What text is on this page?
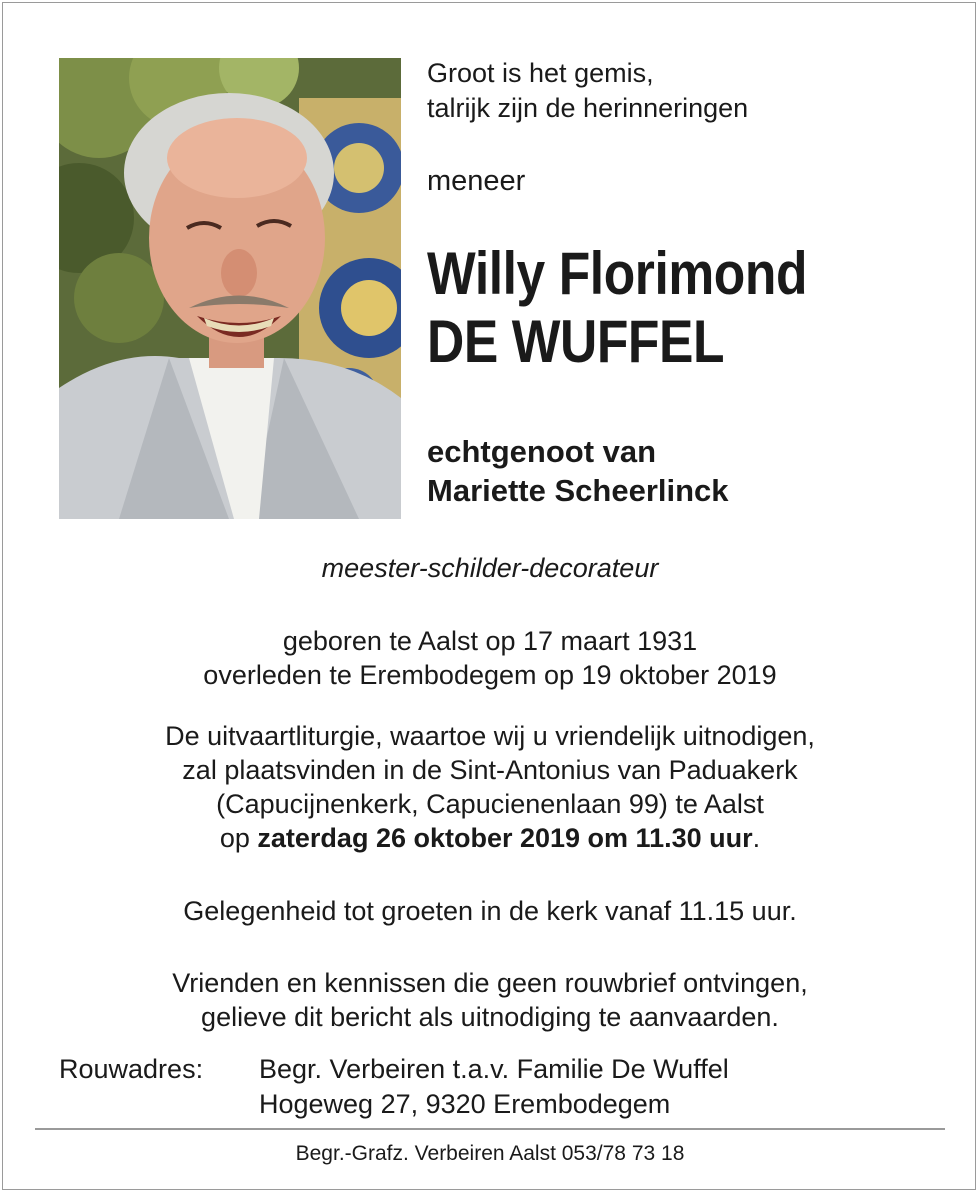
Groot is het gemis,
talrijk zijn de herinneringen
meneer
Willy Florimond
DE WUFFEL
echtgenoot van
Mariette Scheerlinck
meester-schilder-decorateur
geboren te Aalst op 17 maart 1931
overleden te Erembodegem op 19 oktober 2019
De uitvaartliturgie, waartoe wij u vriendelijk uitnodigen,
zal plaatsvinden in de Sint-Antonius van Paduakerk
(Capucijnenkerk, Capucienenlaan 99) te Aalst
op zaterdag 26 oktober 2019 om 11.30 uur.
Gelegenheid tot groeten in de kerk vanaf 11.15 uur.
Vrienden en kennissen die geen rouwbrief ontvingen,
gelieve dit bericht als uitnodiging te aanvaarden.
Rouwadres: Begr. Verbeiren t.a.v. Familie De Wuffel
Hogeweg 27, 9320 Erembodegem
Begr.-Grafz. Verbeiren Aalst 053/78 73 18
